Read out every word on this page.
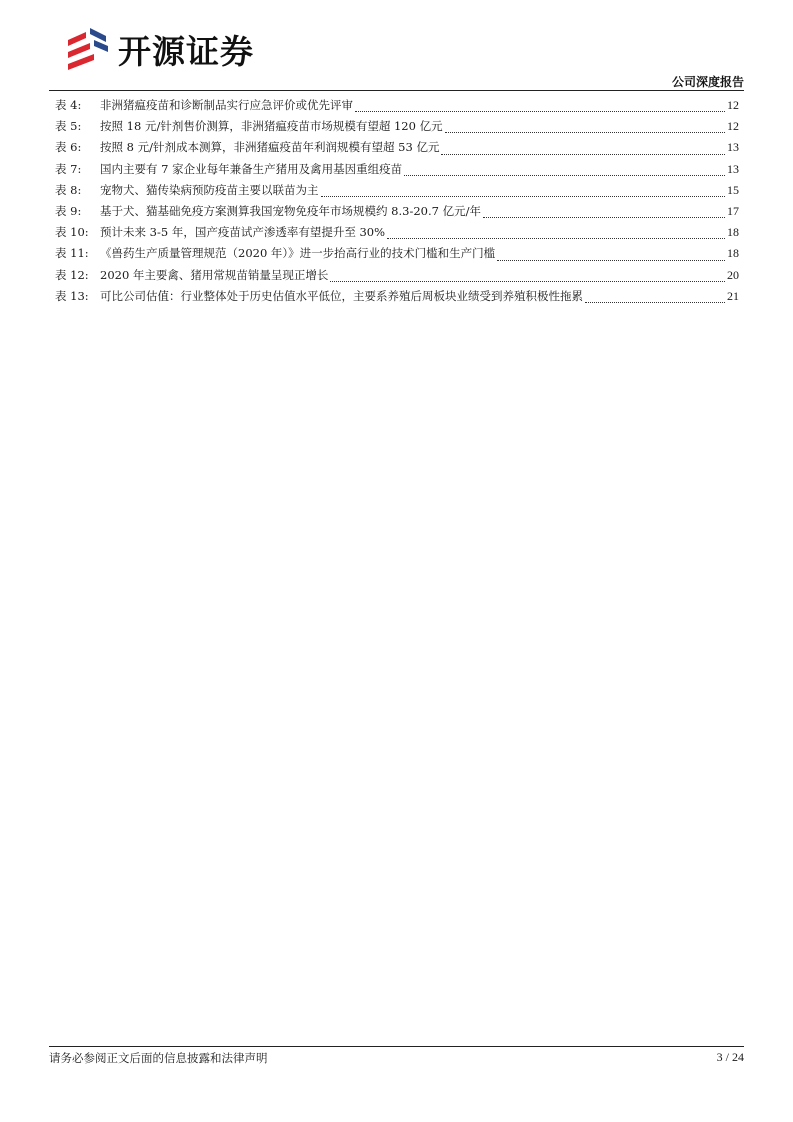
开源证券
公司深度报告
表 4:	非洲猪瘟疫苗和诊断制品实行应急评价或优先评审	12
表 5:	按照 18 元/针剂售价测算，非洲猪瘟疫苗市场规模有望超 120 亿元	12
表 6:	按照 8 元/针剂成本测算，非洲猪瘟疫苗年利润规模有望超 53 亿元	13
表 7:	国内主要有 7 家企业每年兼备生产猪用及禽用基因重组疫苗	13
表 8:	宠物犬、猫传染病预防疫苗主要以联苗为主	15
表 9:	基于犬、猫基础免疫方案测算我国宠物免疫年市场规模约 8.3-20.7 亿元/年	17
表 10: 预计未来 3-5 年，国产疫苗试产渗透率有望提升至 30%	18
表 11: 《兽药生产质量管理规范（2020 年）》进一步抬高行业的技术门槛和生产门槛	18
表 12: 2020 年主要禽、猪用常规苗销量呈现正增长	20
表 13: 可比公司估值：行业整体处于历史估值水平低位，主要系养殖后周板块业绩受到养殖积极性拖累	21
请务必参阅正文后面的信息披露和法律声明	3 / 24
